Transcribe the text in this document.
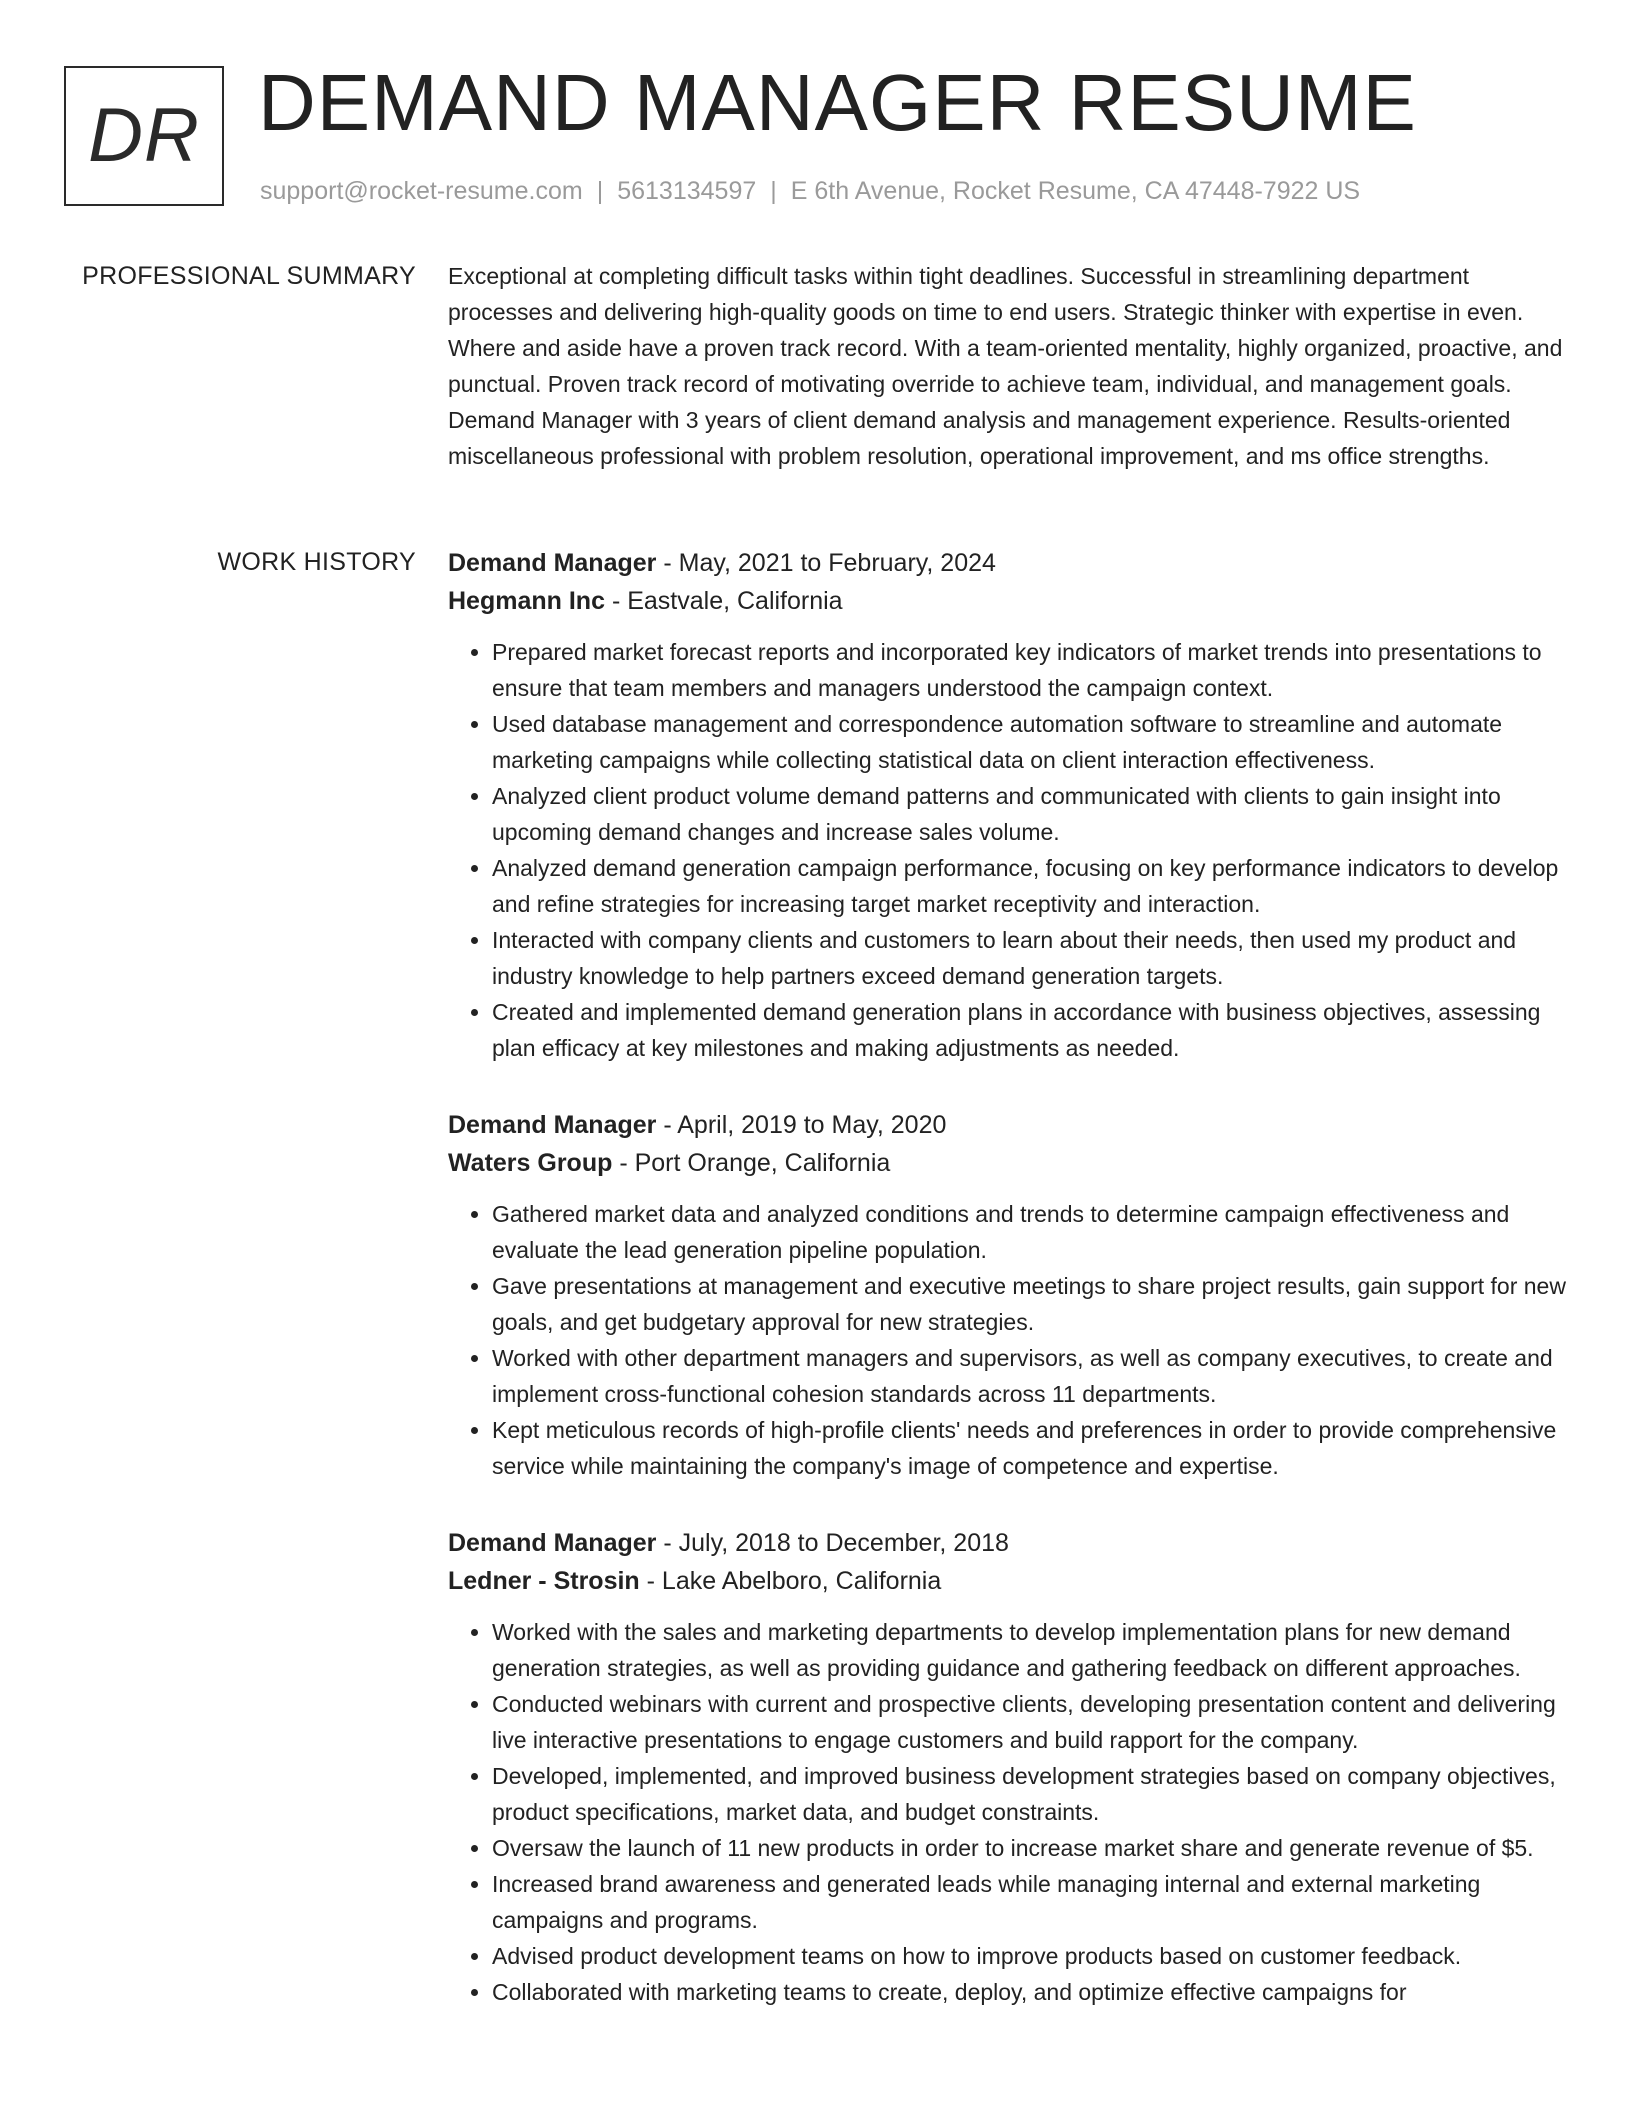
DR DEMAND MANAGER RESUME
support@rocket-resume.com | 5613134597 | E 6th Avenue, Rocket Resume, CA 47448-7922 US
PROFESSIONAL SUMMARY Exceptional at completing difficult tasks within tight deadlines. Successful in streamlining department processes and delivering high-quality goods on time to end users. Strategic thinker with expertise in even. Where and aside have a proven track record. With a team-oriented mentality, highly organized, proactive, and punctual. Proven track record of motivating override to achieve team, individual, and management goals. Demand Manager with 3 years of client demand analysis and management experience. Results-oriented miscellaneous professional with problem resolution, operational improvement, and ms office strengths.

WORK HISTORY Demand Manager - May, 2021 to February, 2024
Hegmann Inc - Eastvale, California
• Prepared market forecast reports and incorporated key indicators of market trends into presentations to ensure that team members and managers understood the campaign context.
• Used database management and correspondence automation software to streamline and automate marketing campaigns while collecting statistical data on client interaction effectiveness.
• Analyzed client product volume demand patterns and communicated with clients to gain insight into upcoming demand changes and increase sales volume.
• Analyzed demand generation campaign performance, focusing on key performance indicators to develop and refine strategies for increasing target market receptivity and interaction.
• Interacted with company clients and customers to learn about their needs, then used my product and industry knowledge to help partners exceed demand generation targets.
• Created and implemented demand generation plans in accordance with business objectives, assessing plan efficacy at key milestones and making adjustments as needed.
Demand Manager - April, 2019 to May, 2020
Waters Group - Port Orange, California
• Gathered market data and analyzed conditions and trends to determine campaign effectiveness and evaluate the lead generation pipeline population.
• Gave presentations at management and executive meetings to share project results, gain support for new goals, and get budgetary approval for new strategies.
• Worked with other department managers and supervisors, as well as company executives, to create and implement cross-functional cohesion standards across 11 departments.
• Kept meticulous records of high-profile clients' needs and preferences in order to provide comprehensive service while maintaining the company's image of competence and expertise.
Demand Manager - July, 2018 to December, 2018
Ledner - Strosin - Lake Abelboro, California
• Worked with the sales and marketing departments to develop implementation plans for new demand generation strategies, as well as providing guidance and gathering feedback on different approaches.
• Conducted webinars with current and prospective clients, developing presentation content and delivering live interactive presentations to engage customers and build rapport for the company.
• Developed, implemented, and improved business development strategies based on company objectives, product specifications, market data, and budget constraints.
• Oversaw the launch of 11 new products in order to increase market share and generate revenue of $5.
• Increased brand awareness and generated leads while managing internal and external marketing campaigns and programs.
• Advised product development teams on how to improve products based on customer feedback.
• Collaborated with marketing teams to create, deploy, and optimize effective campaigns for
